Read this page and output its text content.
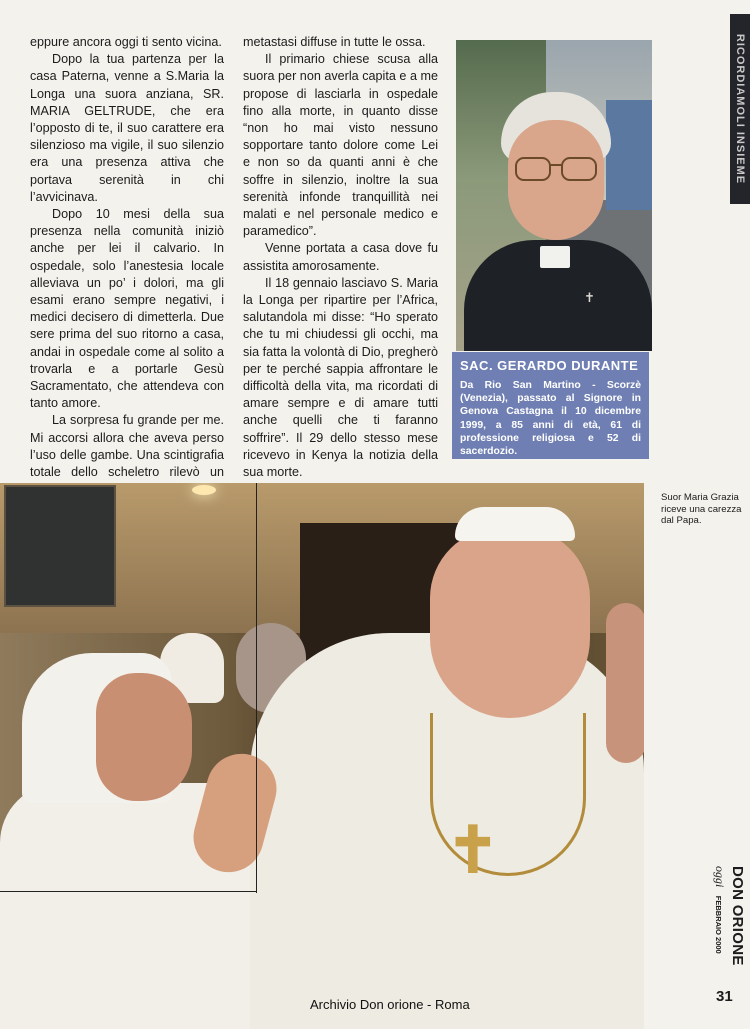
eppure ancora oggi ti sento vicina.

Dopo la tua partenza per la casa Paterna, venne a S.Maria la Longa una suora anziana, SR. MARIA GELTRUDE, che era l’opposto di te, il suo carattere era silenzioso ma vigile, il suo silenzio era una presenza attiva che portava serenità in chi l’avvicinava.

Dopo 10 mesi della sua presenza nella comunità iniziò anche per lei il calvario. In ospedale, solo l’anestesia locale alleviava un po’ i dolori, ma gli esami erano sempre negativi, i medici decisero di dimetterla. Due sere prima del suo ritorno a casa, andai in ospedale come al solito a trovarla e a portarle Gesù Sacramentato, che attendeva con tanto amore.

La sorpresa fu grande per me. Mi accorsi allora che aveva perso l’uso delle gambe. Una scintigrafia totale dello scheletro rilevò un

metastasi diffuse in tutte le ossa.

Il primario chiese scusa alla suora per non averla capita e a me propose di lasciarla in ospedale fino alla morte, in quanto disse “non ho mai visto nessuno sopportare tanto dolore come Lei e non so da quanti anni è che soffre in silenzio, inoltre la sua serenità infonde tranquillità nei malati e nel personale medico e paramedico”.

Venne portata a casa dove fu assistita amorosamente.

Il 18 gennaio lasciavo S. Maria la Longa per ripartire per l’Africa, salutandola mi disse: “Ho sperato che tu mi chiudessi gli occhi, ma sia fatta la volontà di Dio, pregherò per te perché sappia affrontare le difficoltà della vita, ma ricordati di amare sempre e di amare tutti anche quelli che ti faranno soffrire”. Il 29 dello stesso mese ricevevo in Kenya la notizia della sua morte.

RICORDIAMOLI INSIEME
✝
SAC. GERARDO DURANTE
Da Rio San Martino - Scorzè (Venezia), passato al Signore in Genova Castagna il 10 dicembre 1999, a 85 anni di età, 61 di professione religiosa e 52 di sacerdozio.
✝
Suor Maria Grazia riceve una carezza dal Papa.
DON ORIONE
oggi FEBBRAIO 2000
31
Archivio Don orione - Roma
